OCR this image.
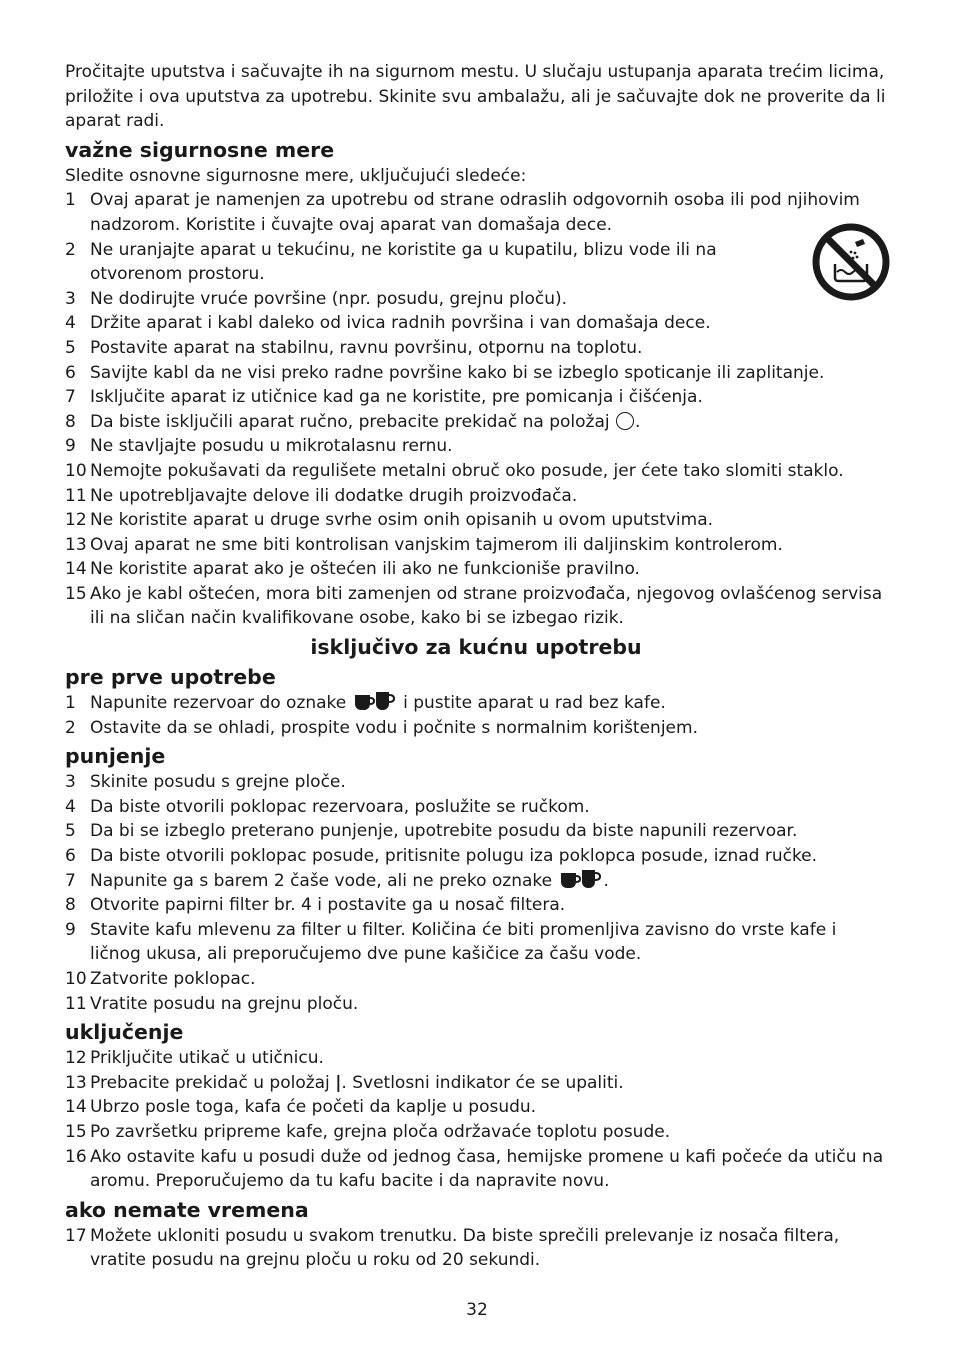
Pročitajte uputstva i sačuvajte ih na sigurnom mestu. U slučaju ustupanja aparata trećim licima, priložite i ova uputstva za upotrebu. Skinite svu ambalažu, ali je sačuvajte dok ne proverite da li aparat radi.

važne sigurnosne mere

Sledite osnovne sigurnosne mere, uključujući sledeće:

1 Ovaj aparat je namenjen za upotrebu od strane odraslih odgovornih osoba ili pod njihovim nadzorom. Koristite i čuvajte ovaj aparat van domašaja dece.
2 Ne uranjajte aparat u tekućinu, ne koristite ga u kupatilu, blizu vode ili na otvorenom prostoru.
3 Ne dodirujte vruće površine (npr. posudu, grejnu ploču).
4 Držite aparat i kabl daleko od ivica radnih površina i van domašaja dece.
5 Postavite aparat na stabilnu, ravnu površinu, otpornu na toplotu.
6 Savijte kabl da ne visi preko radne površine kako bi se izbeglo spoticanje ili zaplitanje.
7 Isključite aparat iz utičnice kad ga ne koristite, pre pomicanja i čišćenja.
8 Da biste isključili aparat ručno, prebacite prekidač na položaj .
9 Ne stavljajte posudu u mikrotalasnu rernu.
10 Nemojte pokušavati da regulišete metalni obruč oko posude, jer ćete tako slomiti staklo.
11 Ne upotrebljavajte delove ili dodatke drugih proizvođača.
12 Ne koristite aparat u druge svrhe osim onih opisanih u ovom uputstvima.
13 Ovaj aparat ne sme biti kontrolisan vanjskim tajmerom ili daljinskim kontrolerom.
14 Ne koristite aparat ako je oštećen ili ako ne funkcioniše pravilno.
15 Ako je kabl oštećen, mora biti zamenjen od strane proizvođača, njegovog ovlašćenog servisa ili na sličan način kvalifikovane osobe, kako bi se izbegao rizik.
isključivo za kućnu upotrebu
pre prve upotrebe
1 Napunite rezervoar do oznake	i pustite aparat u rad bez kafe.
2 Ostavite da se ohladi, prospite vodu i počnite s normalnim korištenjem.
punjenje
3 Skinite posudu s grejne ploče.
4 Da biste otvorili poklopac rezervoara, poslužite se ručkom.
5 Da bi se izbeglo preterano punjenje, upotrebite posudu da biste napunili rezervoar.
6 Da biste otvorili poklopac posude, pritisnite polugu iza poklopca posude, iznad ručke.
7 Napunite ga s barem 2 čaše vode, ali ne preko oznake	.
8 Otvorite papirni filter br. 4 i postavite ga u nosač filtera.
9 Stavite kafu mlevenu za filter u filter. Količina će biti promenljiva zavisno do vrste kafe i ličnog ukusa, ali preporučujemo dve pune kašičice za čašu vode.
10 Zatvorite poklopac.
11 Vratite posudu na grejnu ploču.
uključenje
12 Priključite utikač u utičnicu.
13 Prebacite prekidač u položaj |. Svetlosni indikator će se upaliti.
14 Ubrzo posle toga, kafa će početi da kaplje u posudu.
15 Po završetku pripreme kafe, grejna ploča održavaće toplotu posude.
16 Ako ostavite kafu u posudi duže od jednog časa, hemijske promene u kafi počeće da utiču na aromu. Preporučujemo da tu kafu bacite i da napravite novu.
ako nemate vremena
17 Možete ukloniti posudu u svakom trenutku. Da biste sprečili prelevanje iz nosača filtera, vratite posudu na grejnu ploču u roku od 20 sekundi.
32
